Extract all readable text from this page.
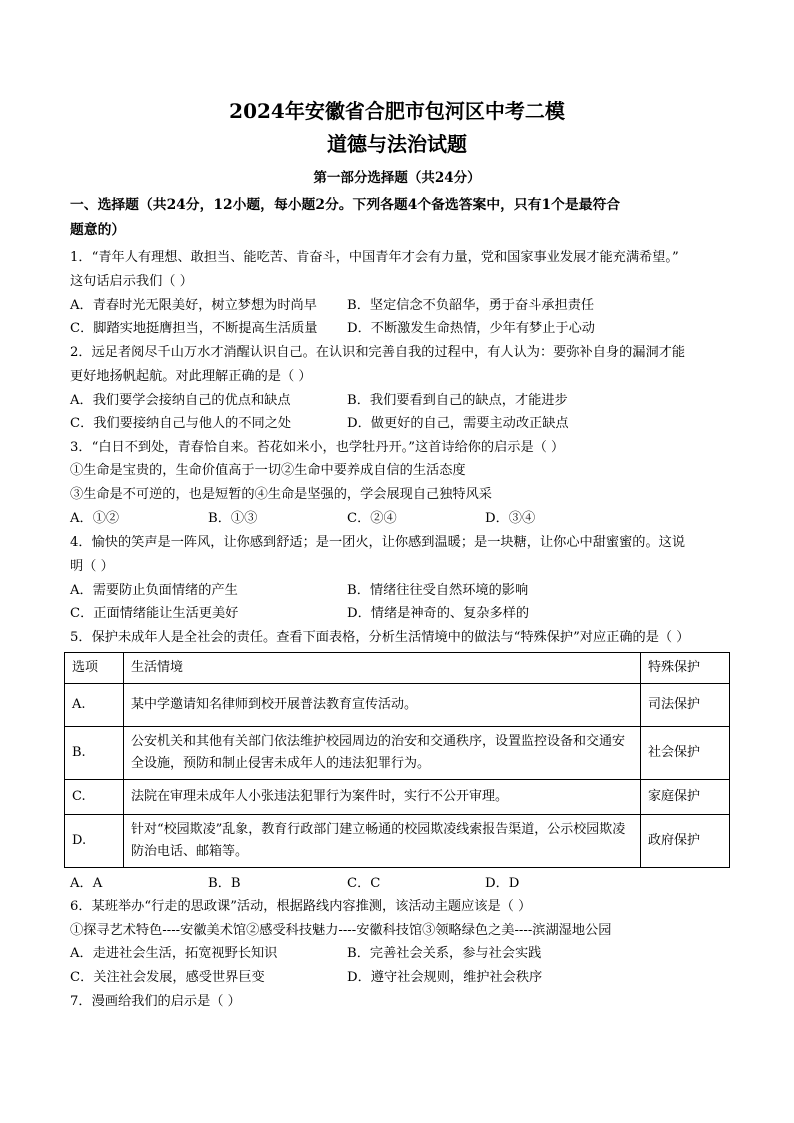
2024年安徽省合肥市包河区中考二模
道德与法治试题
第一部分选择题（共24分）
一、选择题（共24分，12小题，每小题2分。下列各题4个备选答案中，只有1个是最符合
题意的）
1．“青年人有理想、敢担当、能吃苦、肯奋斗，中国青年才会有力量，党和国家事业发展才能充满希望。”
这句话启示我们（ ）
A．青春时光无限美好，树立梦想为时尚早 B．坚定信念不负韶华，勇于奋斗承担责任
C．脚踏实地挺膺担当，不断提高生活质量 D．不断激发生命热情，少年有梦止于心动
2．远足者阅尽千山万水才消醒认识自己。在认识和完善自我的过程中，有人认为：要弥补自身的漏洞才能
更好地扬帆起航。对此理解正确的是（ ）
A．我们要学会接纳自己的优点和缺点	B．我们要看到自己的缺点，才能进步
C．我们要接纳自己与他人的不同之处	D．做更好的自己，需要主动改正缺点
3．“白日不到处，青春恰自来。苔花如米小，也学牡丹开。”这首诗给你的启示是（ ）
①生命是宝贵的，生命价值高于一切②生命中要养成自信的生活态度
③生命是不可逆的，也是短暂的④生命是坚强的，学会展现自己独特风采
A．①②	B．①③	C．②④	D．③④
4．愉快的笑声是一阵风，让你感到舒适；是一团火，让你感到温暖；是一块糖，让你心中甜蜜蜜的。这说
明（ ）
A．需要防止负面情绪的产生	B．情绪往往受自然环境的影响
C．正面情绪能让生活更美好	D．情绪是神奇的、复杂多样的
5．保护未成年人是全社会的责任。查看下面表格，分析生活情境中的做法与“特殊保护”对应正确的是（ ）
选项	生活情境	特殊保护
A.	某中学邀请知名律师到校开展普法教育宣传活动。	司法保护
B.	公安机关和其他有关部门依法维护校园周边的治安和交通秩序，设置监控设备和交通安全设施，预防和制止侵害未成年人的违法犯罪行为。	社会保护
C.	法院在审理未成年人小张违法犯罪行为案件时，实行不公开审理。	家庭保护
D.	针对“校园欺凌”乱象，教育行政部门建立畅通的校园欺凌线索报告渠道，公示校园欺凌防治电话、邮箱等。	政府保护
A．A	B．B	C．C	D．D
6．某班举办“行走的思政课”活动，根据路线内容推测，该活动主题应该是（ ）
①探寻艺术特色----安徽美术馆②感受科技魅力----安徽科技馆③领略绿色之美----滨湖湿地公园
A．走进社会生活，拓宽视野长知识	B．完善社会关系，参与社会实践
C．关注社会发展，感受世界巨变	D．遵守社会规则，维护社会秩序
7．漫画给我们的启示是（ ）
